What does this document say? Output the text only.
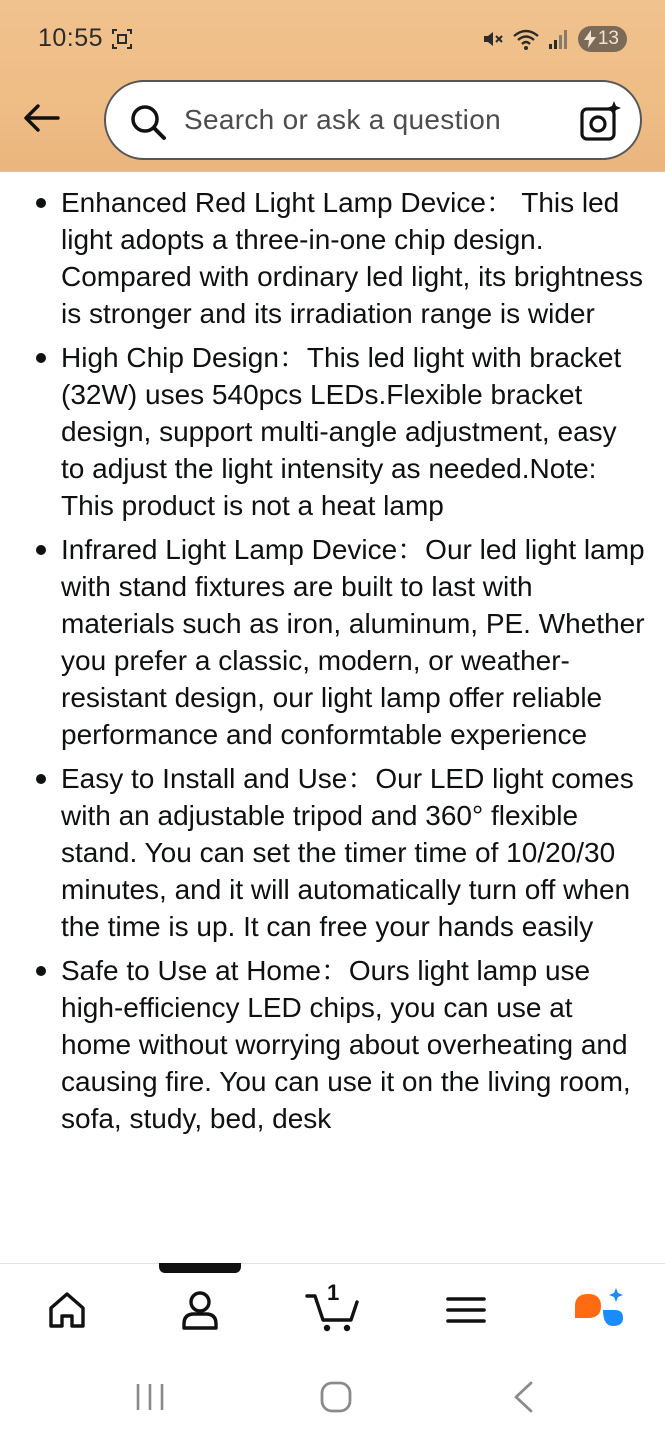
10:55	13
Search or ask a question
Enhanced Red Light Lamp Device： This led light adopts a three-in-one chip design. Compared with ordinary led light, its brightness is stronger and its irradiation range is wider
High Chip Design：This led light with bracket (32W) uses 540pcs LEDs.Flexible bracket design, support multi-angle adjustment, easy to adjust the light intensity as needed.Note: This product is not a heat lamp
Infrared Light Lamp Device：Our led light lamp with stand fixtures are built to last with materials such as iron, aluminum, PE. Whether you prefer a classic, modern, or weather-resistant design, our light lamp offer reliable performance and conformtable experience
Easy to Install and Use：Our LED light comes with an adjustable tripod and 360° flexible stand. You can set the timer time of 10/20/30 minutes, and it will automatically turn off when the time is up. It can free your hands easily
Safe to Use at Home：Ours light lamp use high-efficiency LED chips, you can use at home without worrying about overheating and causing fire. You can use it on the living room, sofa, study, bed, desk
1
